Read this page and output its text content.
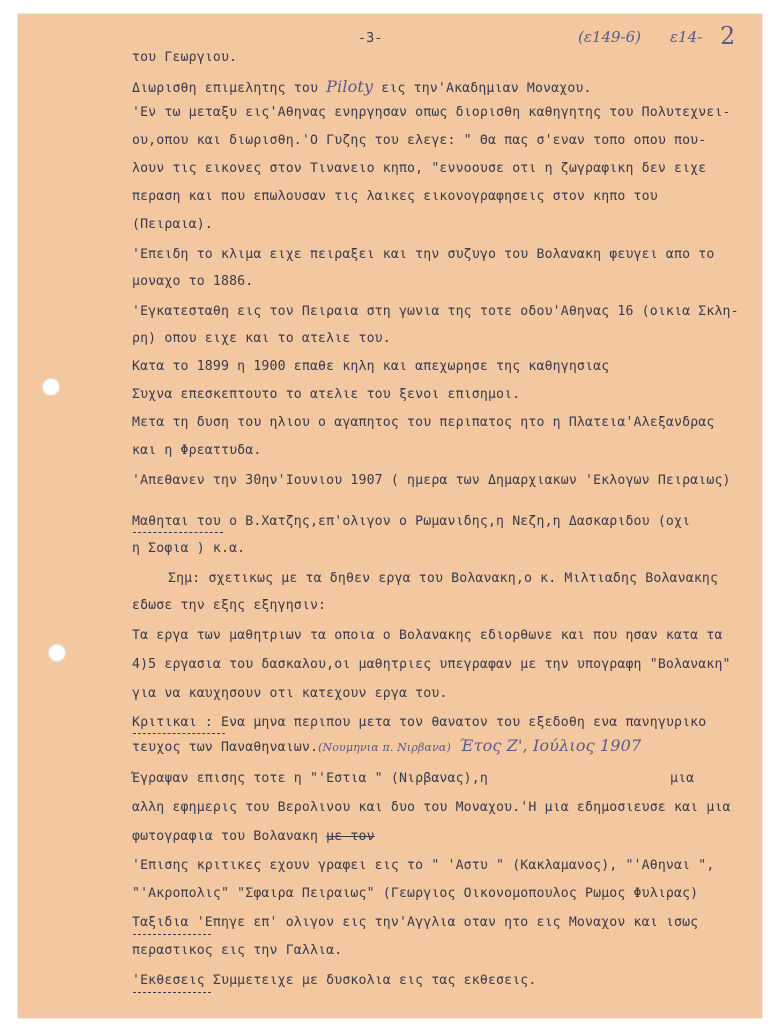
-3-	(ε149-6) ε14- 2
του Γεωργιου.
Διωρισθη επιμελητης του Piloty εις την'Ακαδημιαν Μοναχου.
'Εν τω μεταξυ εις'Αθηνας ενηργησαν οπως διορισθη καθηγητης του Πολυτεχνει-
ου,οπου και διωρισθη.'Ο Γυζης του ελεγε: " Θα πας σ'εναν τοπο οπου που-
λουν τις εικονες στον Τινανειο κηπο, "εννοουσε οτι η ζωγραφικη δεν ειχε
περαση και που επωλουσαν τις λαικες εικονογραφησεις στον κηπο του
(Πειραια).
'Επειδη το κλιμα ειχε πειραξει και την συζυγο του Βολανακη φευγει απο το
μοναχο το 1886.
'Εγκατεσταθη εις τον Πειραια στη γωνια της τοτε οδου'Αθηνας 16 (οικια Σκλη-
ρη) οπου ειχε και το ατελιε του.
Κατα το 1899 η 1900 επαθε κηλη και απεχωρησε της καθηγησιας
Συχνα επεσκεπτουτο το ατελιε του ξενοι επισημοι.
Μετα τη δυση του ηλιου ο αγαπητος του περιπατος ητο η Πλατεια'Αλεξανδρας
και η Φρεαττυδα.
'Απεθανεν την 30ην'Ιουνιου 1907 ( ημερα των Δημαρχιακων 'Εκλογων Πειραιως)
Μαθηται του ο Β.Χατζης,επ'ολιγον ο Ρωμανιδης,η Νεζη,η Δασκαριδου (οχι
η Σοφια ) κ.α.
Σημ: σχετικως με τα δηθεν εργα του Βολανακη,ο κ. Μιλτιαδης Βολανακης
εδωσε την εξης εξηγησιν:
Τα εργα των μαθητριων τα οποια ο Βολανακης εδιορθωνε και που ησαν κατα τα
4)5 εργασια του δασκαλου,οι μαθητριες υπεγραφαν με την υπογραφη "Βολανακη"
για να καυχησουν οτι κατεχουν εργα του.
Κριτικαι : Ενα μηνα περιπου μετα τον θανατον του εξεδοθη ενα πανηγυρικο
τευχος των Παναθηναιων.(Νουμηνια π. Νιρβανα) Έτος Ζ', Ιούλιος 1907
Έγραψαν επισης τοτε η "'Εστια " (Νιρβανας),η	μια
αλλη εφημερις του Βερολινου και δυο του Μοναχου.'Η μια εδημοσιευσε και μια
φωτογραφια του Βολανακη με τον
'Επισης κριτικες εχουν γραφει εις το " 'Αστυ " (Κακλαμανος), "'Αθηναι ",
"'Ακροπολις" "Σφαιρα Πειραιως" (Γεωργιος Οικονομοπουλος Ρωμος Φυλιρας)
Ταξιδια 'Επηγε επ' ολιγον εις την'Αγγλια οταν ητο εις Μοναχον και ισως
περαστικος εις την Γαλλια.
'Εκθεσεις Συμμετειχε με δυσκολια εις τας εκθεσεις.
